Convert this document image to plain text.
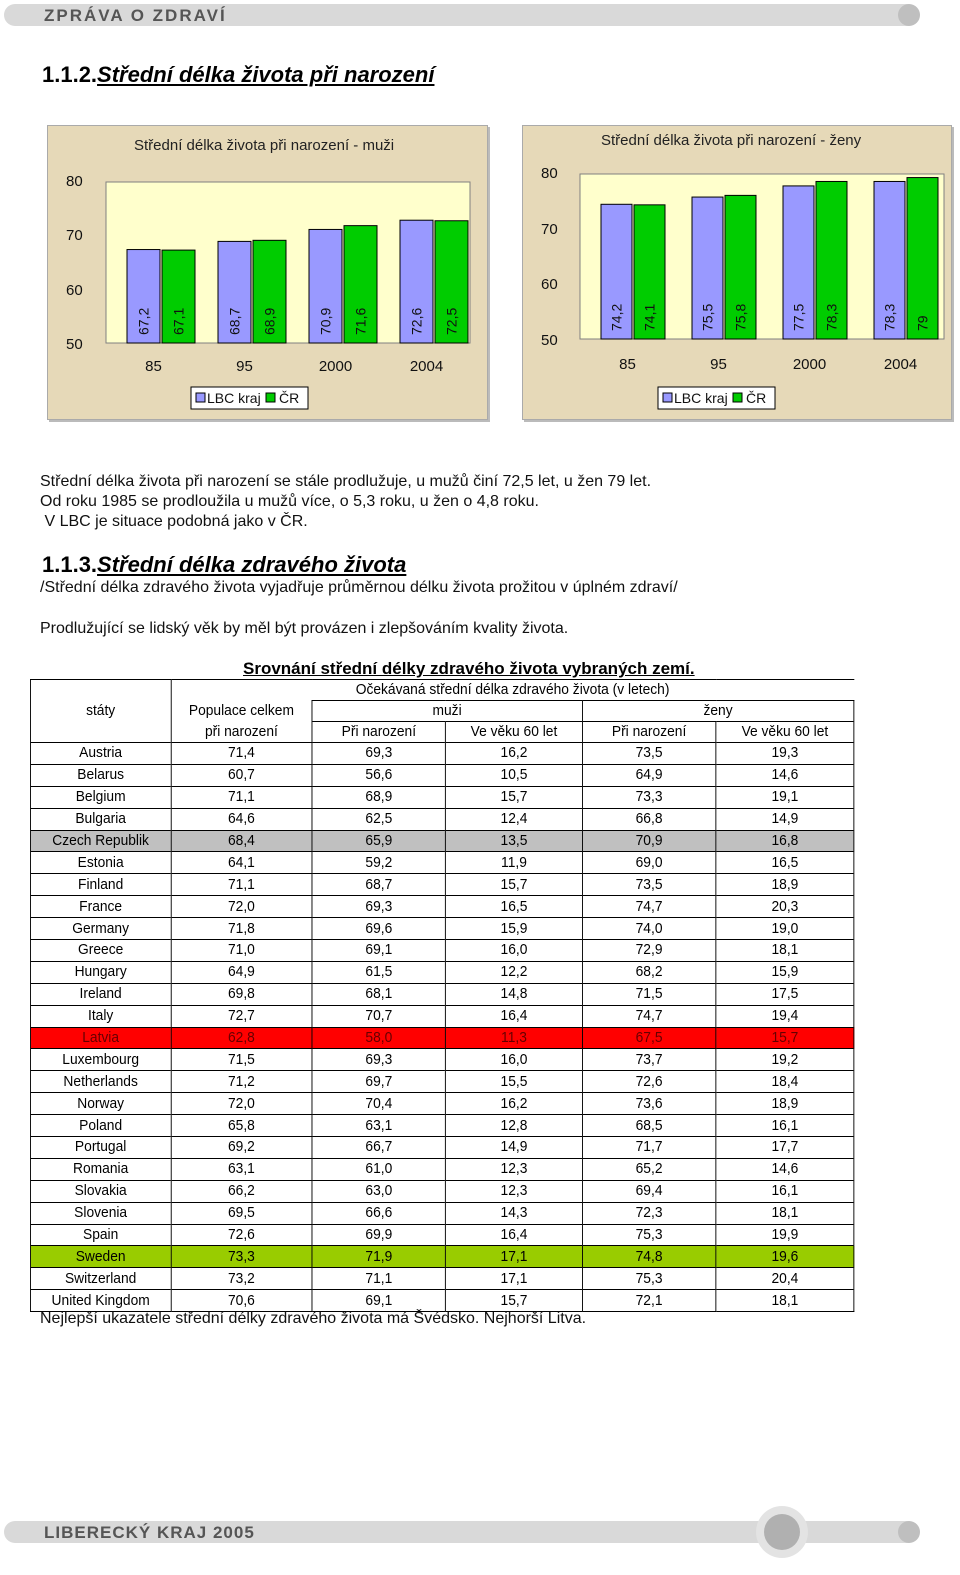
ZPRÁVA O ZDRAVÍ
1.1.2.Střední délka života při narození
Střední délka života při narození - muži
80
70
60
50
67,2 67,1
85
68,7 68,9
95
70,9 71,6
2000
72,6 72,5
2004
LBC kraj ČR
Střední délka života při narození - ženy
80
70
60
50
74,2 74,1
85
75,5 75,8
95
77,5 78,3
2000
78,3 79
2004
LBC kraj ČR
Střední délka života při narození se stále prodlužuje, u mužů činí 72,5 let, u žen 79 let.
Od roku 1985 se prodloužila u mužů více, o 5,3 roku, u žen o 4,8 roku.
V LBC je situace podobná jako v ČR.
1.1.3.Střední délka zdravého života
/Střední délka zdravého života vyjadřuje průměrnou délku života prožitou v úplném zdraví/
Prodlužující se lidský věk by měl být provázen i zlepšováním kvality života.
Srovnání střední délky zdravého života vybraných zemí.
státy	Očekávaná střední délka zdravého života (v letech)				
	Populace celkem	muži		ženy	
	při narození	Při narození	Ve věku 60 let	Při narození	Ve věku 60 let
Austria	71,4	69,3	16,2	73,5	19,3
Belarus	60,7	56,6	10,5	64,9	14,6
Belgium	71,1	68,9	15,7	73,3	19,1
Bulgaria	64,6	62,5	12,4	66,8	14,9
Czech Republik	68,4	65,9	13,5	70,9	16,8
Estonia	64,1	59,2	11,9	69,0	16,5
Finland	71,1	68,7	15,7	73,5	18,9
France	72,0	69,3	16,5	74,7	20,3
Germany	71,8	69,6	15,9	74,0	19,0
Greece	71,0	69,1	16,0	72,9	18,1
Hungary	64,9	61,5	12,2	68,2	15,9
Ireland	69,8	68,1	14,8	71,5	17,5
Italy	72,7	70,7	16,4	74,7	19,4
Latvia	62,8	58,0	11,3	67,5	15,7
Luxembourg	71,5	69,3	16,0	73,7	19,2
Netherlands	71,2	69,7	15,5	72,6	18,4
Norway	72,0	70,4	16,2	73,6	18,9
Poland	65,8	63,1	12,8	68,5	16,1
Portugal	69,2	66,7	14,9	71,7	17,7
Romania	63,1	61,0	12,3	65,2	14,6
Slovakia	66,2	63,0	12,3	69,4	16,1
Slovenia	69,5	66,6	14,3	72,3	18,1
Spain	72,6	69,9	16,4	75,3	19,9
Sweden	73,3	71,9	17,1	74,8	19,6
Switzerland	73,2	71,1	17,1	75,3	20,4
United Kingdom	70,6	69,1	15,7	72,1	18,1
Nejlepší ukazatele střední délky zdravého života má Švédsko. Nejhorší Litva.
LIBERECKÝ KRAJ 2005
